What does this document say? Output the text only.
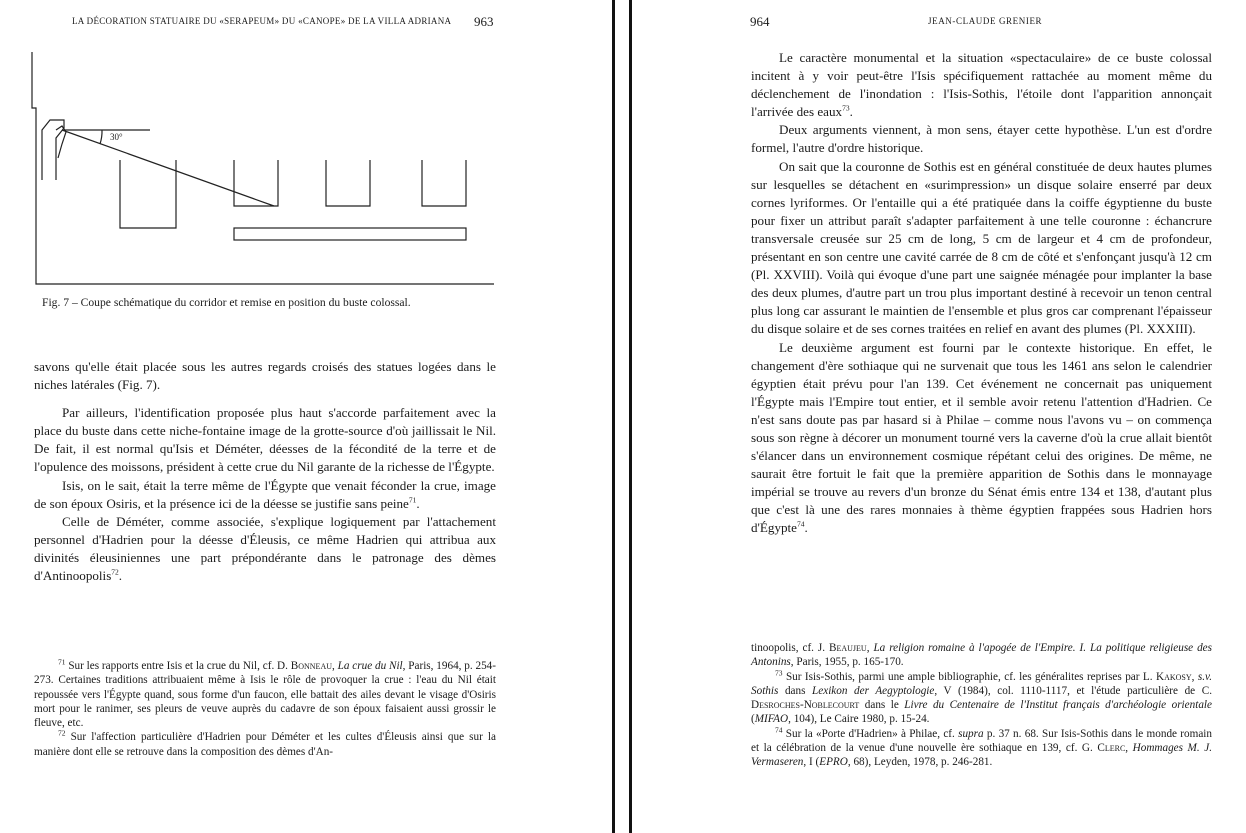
LA DÉCORATION STATUAIRE DU «SERAPEUM» DU «CANOPE» DE LA VILLA ADRIANA 963
30°
Fig. 7 – Coupe schématique du corridor et remise en position du buste colossal.

savons qu'elle était placée sous les autres regards croisés des statues logées dans le niches latérales (Fig. 7).

Par ailleurs, l'identification proposée plus haut s'accorde parfaitement avec la place du buste dans cette niche-fontaine image de la grotte-source d'où jaillissait le Nil. De fait, il est normal qu'Isis et Déméter, déesses de la fécondité de la terre et de l'opulence des moissons, président à cette crue du Nil garante de la richesse de l'Égypte.

Isis, on le sait, était la terre même de l'Égypte que venait féconder la crue, image de son époux Osiris, et la présence ici de la déesse se justifie sans peine$^{71}$.

Celle de Déméter, comme associée, s'explique logiquement par l'attachement personnel d'Hadrien pour la déesse d'Éleusis, ce même Hadrien qui attribua aux divinités éleusiniennes une part prépondérante dans le patronage des dèmes d'Antinoopolis$^{72}$.

$^{71}$ Sur les rapports entre Isis et la crue du Nil, cf. D. Bonneau, La crue du Nil, Paris, 1964, p. 254-273. Certaines traditions attribuaient même à Isis le rôle de provoquer la crue : l'eau du Nil était repoussée vers l'Égypte quand, sous forme d'un faucon, elle battait des ailes devant le visage d'Osiris mort pour le ranimer, ses pleurs de veuve auprès du cadavre de son époux faisaient aussi grossir le fleuve, etc.

$^{72}$ Sur l'affection particulière d'Hadrien pour Déméter et les cultes d'Éleusis ainsi que sur la manière dont elle se retrouve dans la composition des dèmes d'An-

964	JEAN-CLAUDE GRENIER

Le caractère monumental et la situation «spectaculaire» de ce buste colossal incitent à y voir peut-être l'Isis spécifiquement rattachée au moment même du déclenchement de l'inondation : l'Isis-Sothis, l'étoile dont l'apparition annonçait l'arrivée des eaux$^{73}$.

Deux arguments viennent, à mon sens, étayer cette hypothèse. L'un est d'ordre formel, l'autre d'ordre historique.

On sait que la couronne de Sothis est en général constituée de deux hautes plumes sur lesquelles se détachent en «surimpression» un disque solaire enserré par deux cornes lyriformes. Or l'entaille qui a été pratiquée dans la coiffe égyptienne du buste pour fixer un attribut paraît s'adapter parfaitement à une telle couronne : échancrure transversale creusée sur 25 cm de long, 5 cm de largeur et 4 cm de profondeur, présentant en son centre une cavité carrée de 8 cm de côté et s'enfonçant jusqu'à 12 cm (Pl. XXVIII). Voilà qui évoque d'une part une saignée ménagée pour implanter la base des deux plumes, d'autre part un trou plus important destiné à recevoir un tenon central plus long car assurant le maintien de l'ensemble et plus gros car comprenant l'épaisseur du disque solaire et de ses cornes traitées en relief en avant des plumes (Pl. XXXIII).

Le deuxième argument est fourni par le contexte historique. En effet, le changement d'ère sothiaque qui ne survenait que tous les 1461 ans selon le calendrier égyptien était prévu pour l'an 139. Cet événement ne concernait pas uniquement l'Égypte mais l'Empire tout entier, et il semble avoir retenu l'attention d'Hadrien. Ce n'est sans doute pas par hasard si à Philae – comme nous l'avons vu – on commença sous son règne à décorer un monument tourné vers la caverne d'où la crue allait bientôt s'élancer dans un environnement cosmique répétant celui des origines. De même, ne saurait être fortuit le fait que la première apparition de Sothis dans le monnayage impérial se trouve au revers d'un bronze du Sénat émis entre 134 et 138, d'autant plus que c'est là une des rares monnaies à thème égyptien frappées sous Hadrien hors d'Égypte$^{74}$.

tinoopolis, cf. J. Beaujeu, La religion romaine à l'apogée de l'Empire. I. La politique religieuse des Antonins, Paris, 1955, p. 165-170.

$^{73}$ Sur Isis-Sothis, parmi une ample bibliographie, cf. les généralites reprises par L. Kakosy, s.v. Sothis dans Lexikon der Aegyptologie, V (1984), col. 1110-1117, et l'étude particulière de C. Desroches-Noblecourt dans le Livre du Centenaire de l'Institut français d'archéologie orientale (MIFAO, 104), Le Caire 1980, p. 15-24.

$^{74}$ Sur la «Porte d'Hadrien» à Philae, cf. supra p. 37 n. 68. Sur Isis-Sothis dans le monde romain et la célébration de la venue d'une nouvelle ère sothiaque en 139, cf. G. Clerc, Hommages M. J. Vermaseren, I (EPRO, 68), Leyden, 1978, p. 246-281.
